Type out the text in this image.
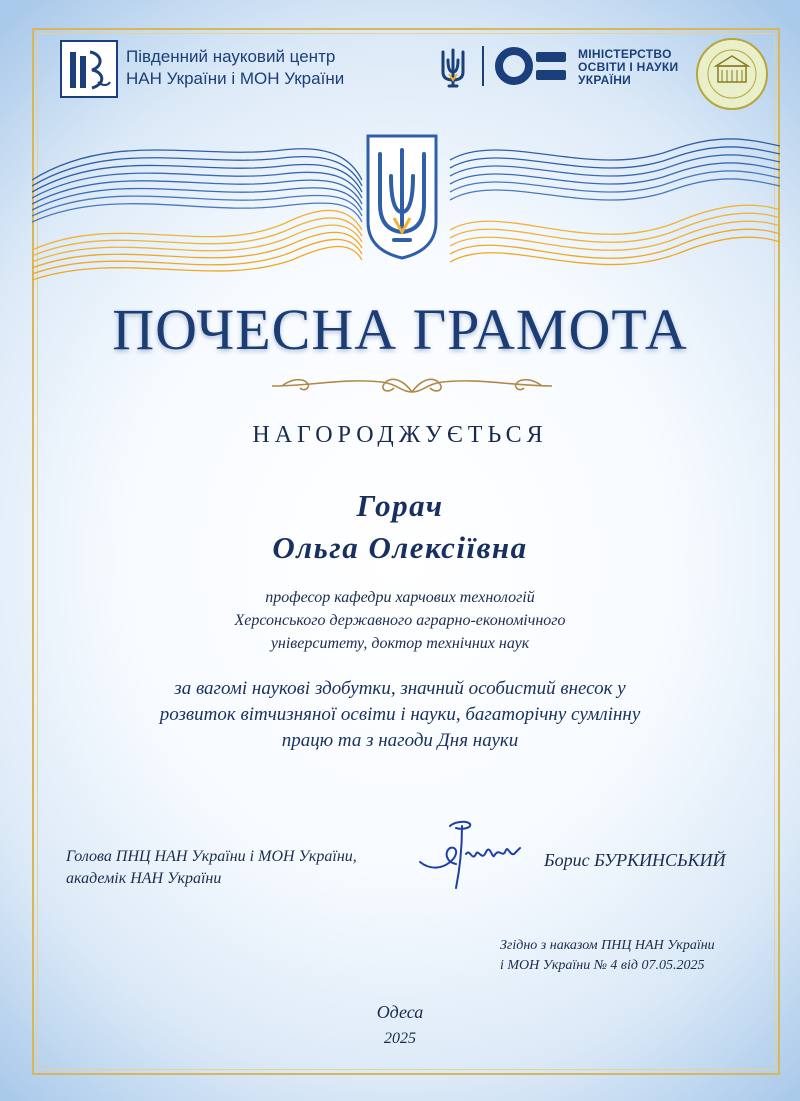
Південний науковий центр
НАН України і МОН України
МІНІСТЕРСТВО
ОСВІТИ І НАУКИ
УКРАЇНИ
ПОЧЕСНА ГРАМОТА
НАГОРОДЖУЄТЬСЯ
Горач
Ольга Олексіївна
професор кафедри харчових технологій
Херсонського державного аграрно-економічного
університету, доктор технічних наук
за вагомі наукові здобутки, значний особистий внесок у
розвиток вітчизняної освіти і науки, багаторічну сумлінну
працю та з нагоди Дня науки
Голова ПНЦ НАН України і МОН України,
академік НАН України
Борис БУРКИНСЬКИЙ
Згідно з наказом ПНЦ НАН України
і МОН України № 4 від 07.05.2025
Одеса
2025
